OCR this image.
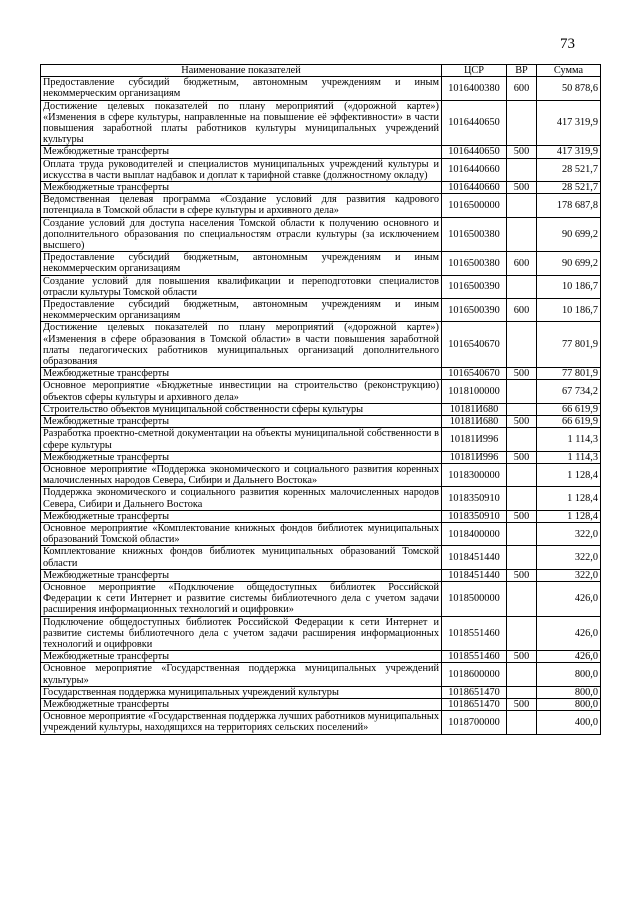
73
Наименование показателей	ЦСР	ВР	Сумма
Предоставление субсидий бюджетным, автономным учреждениям и иным некоммерческим организациям	1016400380	600	50 878,6
Достижение целевых показателей по плану мероприятий («дорожной карте») «Изменения в сфере культуры, направленные на повышение её эффективности» в части повышения заработной платы работников культуры муниципальных учреждений культуры	1016440650		417 319,9
Межбюджетные трансферты	1016440650	500	417 319,9
Оплата труда руководителей и специалистов муниципальных учреждений культуры и искусства в части выплат надбавок и доплат к тарифной ставке (должностному окладу)	1016440660		28 521,7
Межбюджетные трансферты	1016440660	500	28 521,7
Ведомственная целевая программа «Создание условий для развития кадрового потенциала в Томской области в сфере культуры и архивного дела»	1016500000		178 687,8
Создание условий для доступа населения Томской области к получению основного и дополнительного образования по специальностям отрасли культуры (за исключением высшего)	1016500380		90 699,2
Предоставление субсидий бюджетным, автономным учреждениям и иным некоммерческим организациям	1016500380	600	90 699,2
Создание условий для повышения квалификации и переподготовки специалистов отрасли культуры Томской области	1016500390		10 186,7
Предоставление субсидий бюджетным, автономным учреждениям и иным некоммерческим организациям	1016500390	600	10 186,7
Достижение целевых показателей по плану мероприятий («дорожной карте») «Изменения в сфере образования в Томской области» в части повышения заработной платы педагогических работников муниципальных организаций дополнительного образования	1016540670		77 801,9
Межбюджетные трансферты	1016540670	500	77 801,9
Основное мероприятие «Бюджетные инвестиции на строительство (реконструкцию) объектов сферы культуры и архивного дела»	1018100000		67 734,2
Строительство объектов муниципальной собственности сферы культуры	10181И680		66 619,9
Межбюджетные трансферты	10181И680	500	66 619,9
Разработка проектно-сметной документации на объекты муниципальной собственности в сфере культуры	10181И996		1 114,3
Межбюджетные трансферты	10181И996	500	1 114,3
Основное мероприятие «Поддержка экономического и социального развития коренных малочисленных народов Севера, Сибири и Дальнего Востока»	1018300000		1 128,4
Поддержка экономического и социального развития коренных малочисленных народов Севера, Сибири и Дальнего Востока	1018350910		1 128,4
Межбюджетные трансферты	1018350910	500	1 128,4
Основное мероприятие «Комплектование книжных фондов библиотек муниципальных образований Томской области»	1018400000		322,0
Комплектование книжных фондов библиотек муниципальных образований Томской области	1018451440		322,0
Межбюджетные трансферты	1018451440	500	322,0
Основное мероприятие «Подключение общедоступных библиотек Российской Федерации к сети Интернет и развитие системы библиотечного дела с учетом задачи расширения информационных технологий и оцифровки»	1018500000		426,0
Подключение общедоступных библиотек Российской Федерации к сети Интернет и развитие системы библиотечного дела с учетом задачи расширения информационных технологий и оцифровки	1018551460		426,0
Межбюджетные трансферты	1018551460	500	426,0
Основное мероприятие «Государственная поддержка муниципальных учреждений культуры»	1018600000		800,0
Государственная поддержка муниципальных учреждений культуры	1018651470		800,0
Межбюджетные трансферты	1018651470	500	800,0
Основное мероприятие «Государственная поддержка лучших работников муниципальных учреждений культуры, находящихся на территориях сельских поселений»	1018700000		400,0
